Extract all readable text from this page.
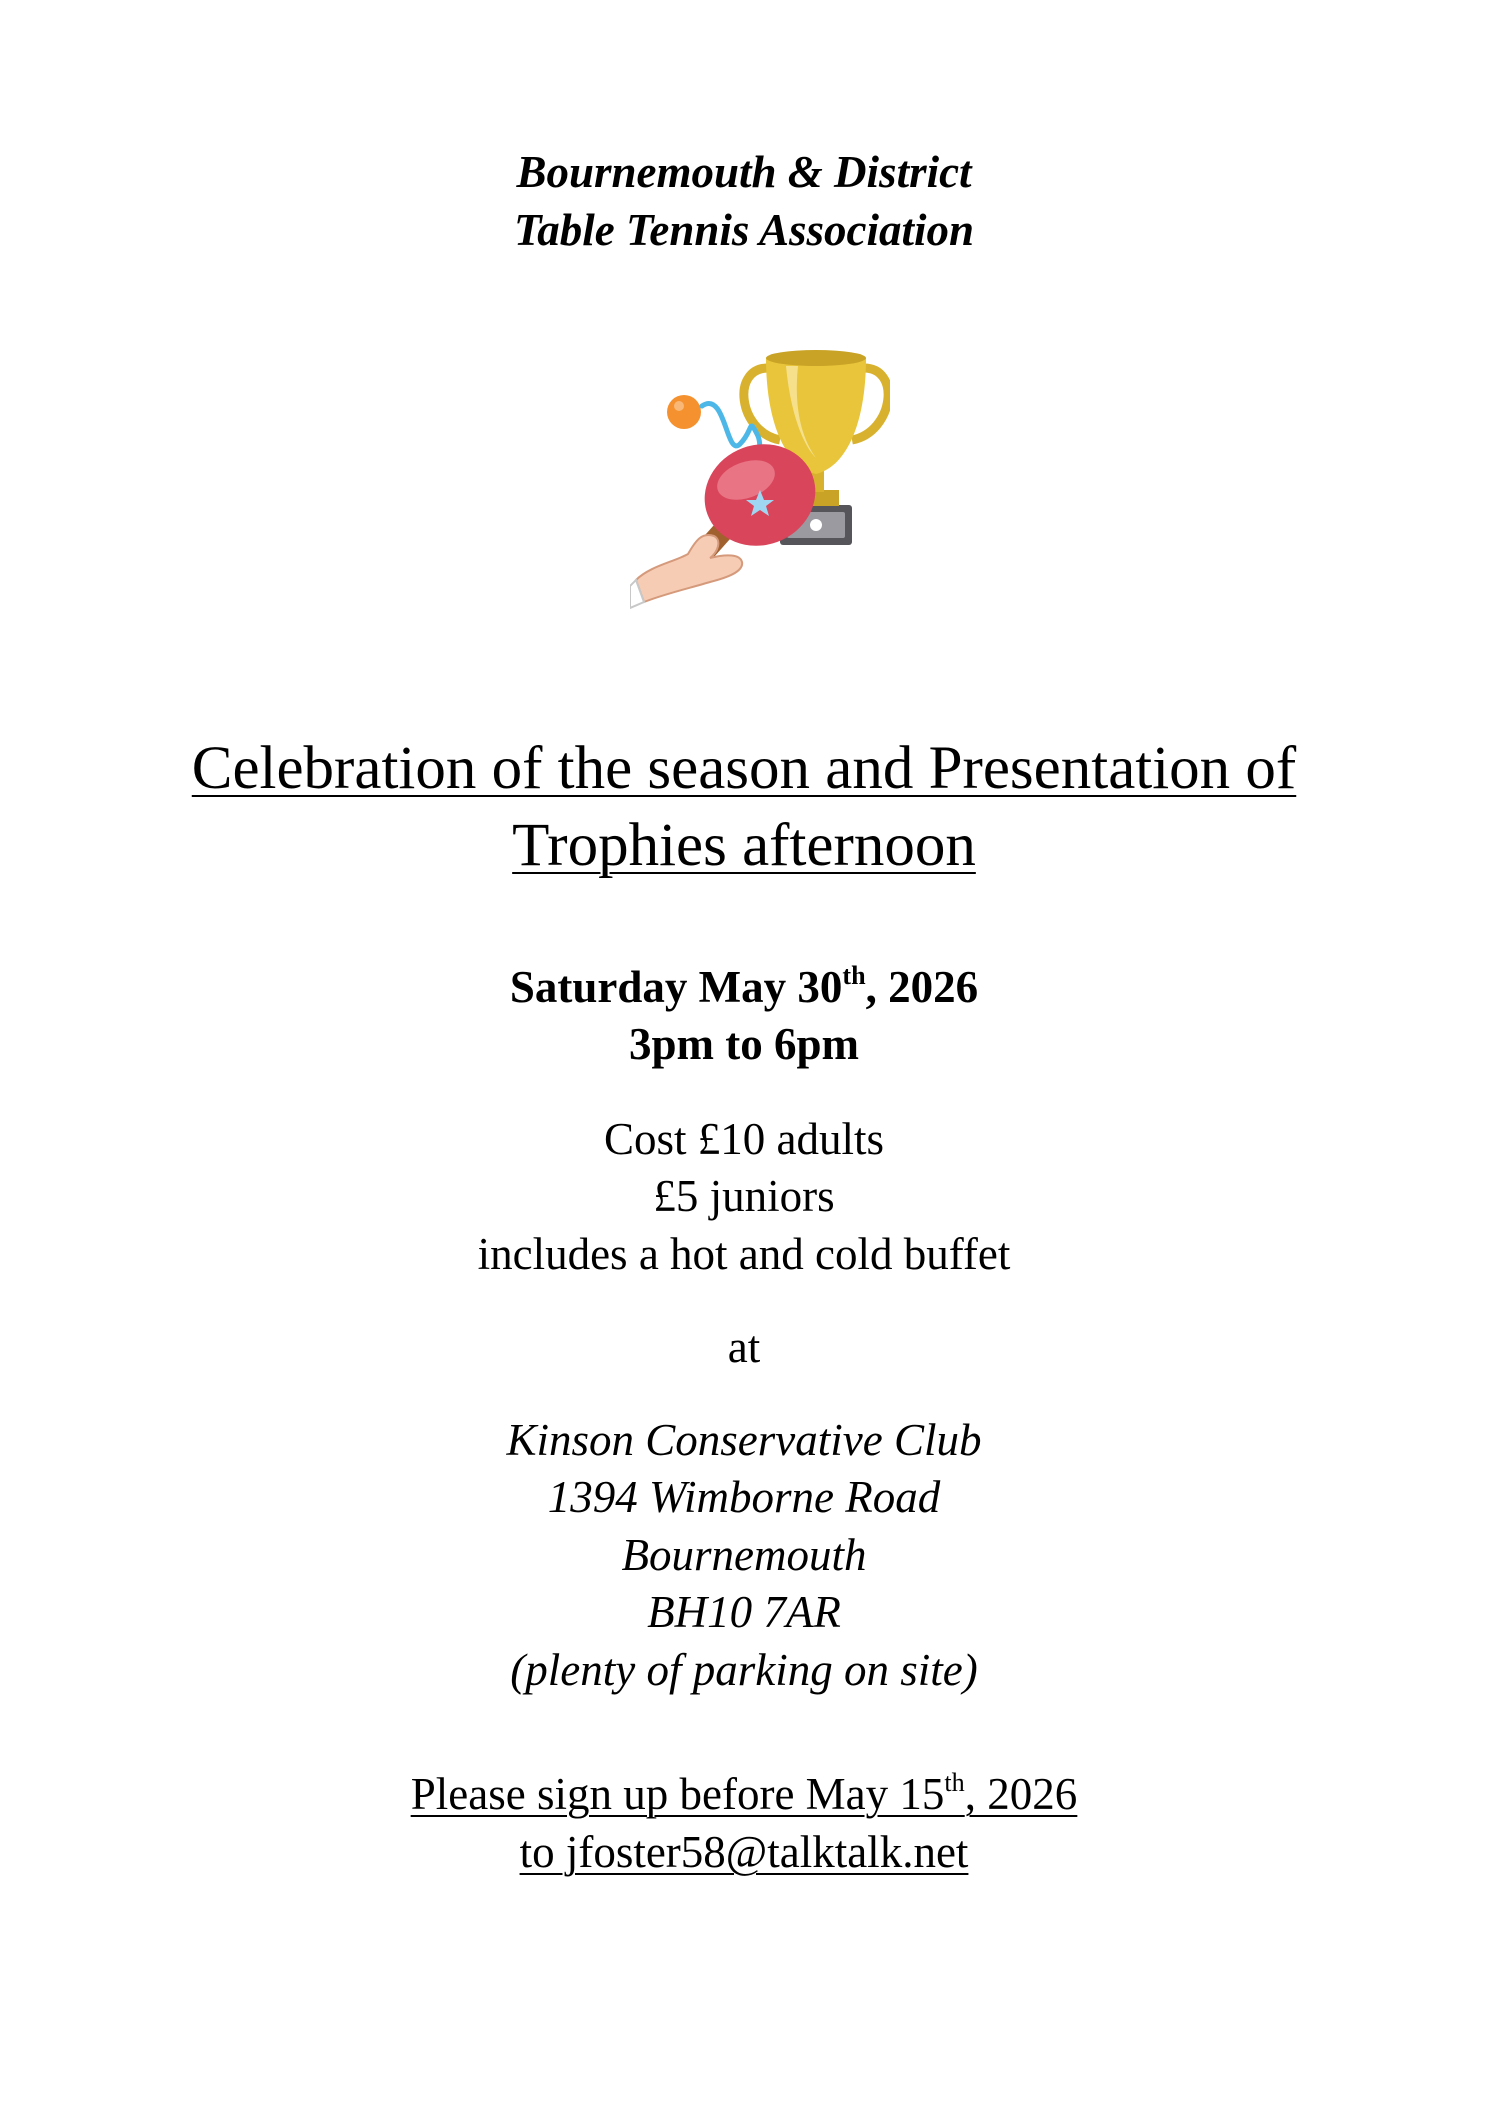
Bournemouth & District
Table Tennis Association
Celebration of the season and Presentation of
Trophies afternoon
Saturday May 30th, 2026
3pm to 6pm
Cost £10 adults
£5 juniors
includes a hot and cold buffet
at
Kinson Conservative Club
1394 Wimborne Road
Bournemouth
BH10 7AR
(plenty of parking on site)
Please sign up before May 15th, 2026
to jfoster58@talktalk.net
